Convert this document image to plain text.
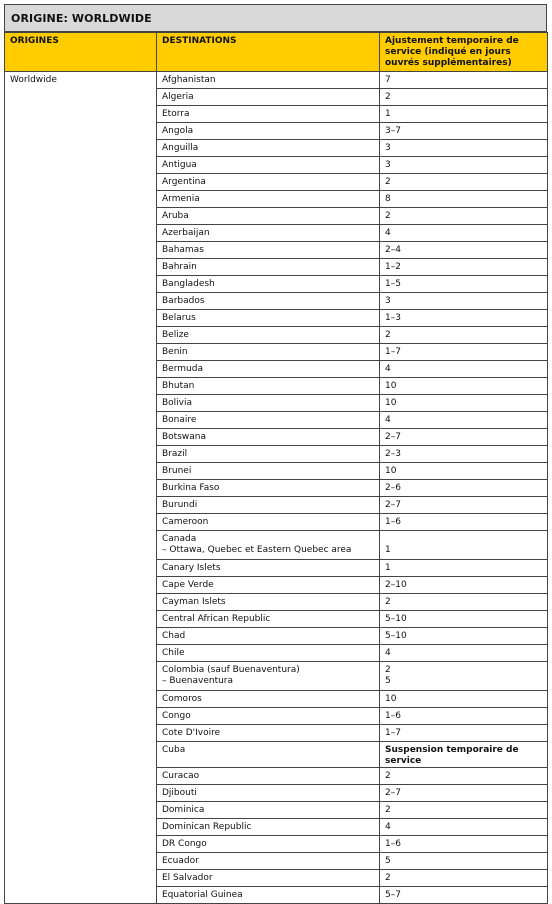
ORIGINE: WORLDWIDE
ORIGINES	DESTINATIONS	Ajustement temporaire de service (indiqué en jours ouvrés supplémentaires)
Worldwide	Afghanistan	7

	Algeria	2

	Etorra	1

	Angola	3–7

	Anguilla	3

	Antigua	3

	Argentina	2

	Armenia	8

	Aruba	2

	Azerbaijan	4

	Bahamas	2–4

	Bahrain	1–2

	Bangladesh	1–5

	Barbados	3

	Belarus	1–3

	Belize	2

	Benin	1–7

	Bermuda	4

	Bhutan	10

	Bolivia	10

	Bonaire	4

	Botswana	2–7

	Brazil	2–3

	Brunei	10

	Burkina Faso	2–6

	Burundi	2–7

	Cameroon	1–6

	Canada
– Ottawa, Quebec et Eastern Quebec area	1

	Canary Islets	1

	Cape Verde	2–10

	Cayman Islets	2

	Central African Republic	5–10

	Chad	5–10

	Chile	4

	Colombia (sauf Buenaventura)
– Buenaventura	2
5

	Comoros	10

	Congo	1–6

	Cote D'Ivoire	1–7

	Cuba	Suspension temporaire de service

	Curacao	2

	Djibouti	2–7

	Dominica	2

	Dominican Republic	4

	DR Congo	1–6

	Ecuador	5

	El Salvador	2

	Equatorial Guinea	5–7
